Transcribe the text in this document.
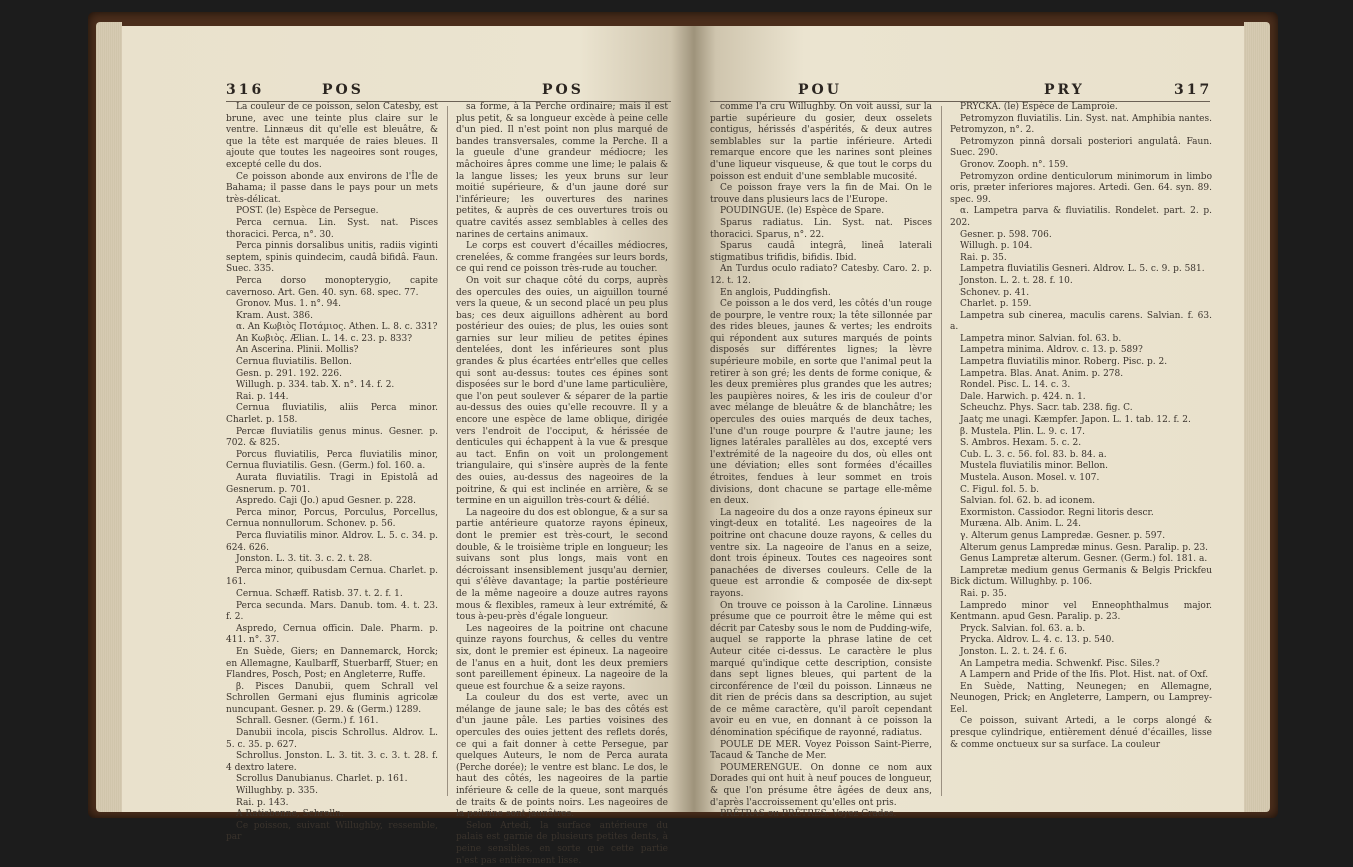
316	POS	POS

La couleur de ce poisson, selon Catesby, est brune, avec une teinte plus claire sur le ventre. Linnæus dit qu'elle est bleuâtre, & que la tête est marquée de raies bleues. Il ajoute que toutes les nageoires sont rouges, excepté celle du dos.

Ce poisson abonde aux environs de l'Île de Bahama; il passe dans le pays pour un mets très-délicat.

POST. (le) Espèce de Persegue.

Perca cernua. Lin. Syst. nat. Pisces thoracici. Perca, n°. 30.

Perca pinnis dorsalibus unitis, radiis viginti septem, spinis quindecim, caudâ bifidâ. Faun. Suec. 335.

Perca dorso monopterygio, capite cavernoso. Art. Gen. 40. syn. 68. spec. 77.

Gronov. Mus. 1. n°. 94.

Kram. Aust. 386.

α. An Κωβιὸς Ποτάμιος. Athen. L. 8. c. 331?

An Κωβιὸς. Ælian. L. 14. c. 23. p. 833?

An Ascerina. Plinii. Mollis?

Cernua fluviatilis. Bellon.

Gesn. p. 291. 192. 226.

Willugh. p. 334. tab. X. n°. 14. f. 2.

Rai. p. 144.

Cernua fluviatilis, aliis Perca minor. Charlet. p. 158.

Percæ fluviatilis genus minus. Gesner. p. 702. & 825.

Porcus fluviatilis, Perca fluviatilis minor, Cernua fluviatilis. Gesn. (Germ.) fol. 160. a.

Aurata fluviatilis. Tragi in Epistolâ ad Gesnerum. p. 701.

Aspredo. Caji (Jo.) apud Gesner. p. 228.

Perca minor, Porcus, Porculus, Porcellus, Cernua nonnullorum. Schonev. p. 56.

Perca fluviatilis minor. Aldrov. L. 5. c. 34. p. 624. 626.

Jonston. L. 3. tit. 3. c. 2. t. 28.

Perca minor, quibusdam Cernua. Charlet. p. 161.

Cernua. Schæff. Ratisb. 37. t. 2. f. 1.

Perca secunda. Mars. Danub. tom. 4. t. 23. f. 2.

Aspredo, Cernua officin. Dale. Pharm. p. 411. n°. 37.

En Suède, Giers; en Dannemarck, Horck; en Allemagne, Kaulbarff, Stuerbarff, Stuer; en Flandres, Posch, Post; en Angleterre, Ruffe.

β. Pisces Danubii, quem Schrall vel Schrollen Germani ejus fluminis agricolæ nuncupant. Gesner. p. 29. & (Germ.) 1289.

Schrall. Gesner. (Germ.) f. 161.

Danubii incola, piscis Schrollus. Aldrov. L. 5. c. 35. p. 627.

Schrollus. Jonston. L. 3. tit. 3. c. 3. t. 28. f. 4 dextro latere.

Scrollus Danubianus. Charlet. p. 161.

Willughby. p. 335.

Rai. p. 143.

A Ratisbonne, Schrolln.

Ce poisson, suivant Willughby, ressemble, par

sa forme, à la Perche ordinaire; mais il est plus petit, & sa longueur excède à peine celle d'un pied. Il n'est point non plus marqué de bandes transversales, comme la Perche. Il a la gueule d'une grandeur médiocre; les mâchoires âpres comme une lime; le palais & la langue lisses; les yeux bruns sur leur moitié supérieure, & d'un jaune doré sur l'inférieure; les ouvertures des narines petites, & auprès de ces ouvertures trois ou quatre cavités assez semblables à celles des narines de certains animaux.

Le corps est couvert d'écailles médiocres, crenelées, & comme frangées sur leurs bords, ce qui rend ce poisson très-rude au toucher.

On voit sur chaque côté du corps, auprès des opercules des ouies, un aiguillon tourné vers la queue, & un second placé un peu plus bas; ces deux aiguillons adhèrent au bord postérieur des ouies; de plus, les ouies sont garnies sur leur milieu de petites épines dentelées, dont les inférieures sont plus grandes & plus écartées entr'elles que celles qui sont au-dessus: toutes ces épines sont disposées sur le bord d'une lame particulière, que l'on peut soulever & séparer de la partie au-dessus des ouies qu'elle recouvre. Il y a encore une espèce de lame oblique, dirigée vers l'endroit de l'occiput, & hérissée de denticules qui échappent à la vue & presque au tact. Enfin on voit un prolongement triangulaire, qui s'insère auprès de la fente des ouies, au-dessus des nageoires de la poitrine, & qui est inclinée en arrière, & se termine en un aiguillon très-court & délié.

La nageoire du dos est oblongue, & a sur sa partie antérieure quatorze rayons épineux, dont le premier est très-court, le second double, & le troisième triple en longueur; les suivans sont plus longs, mais vont en décroissant insensiblement jusqu'au dernier, qui s'élève davantage; la partie postérieure de la même nageoire a douze autres rayons mous & flexibles, rameux à leur extrémité, & tous à-peu-près d'égale longueur.

Les nageoires de la poitrine ont chacune quinze rayons fourchus, & celles du ventre six, dont le premier est épineux. La nageoire de l'anus en a huit, dont les deux premiers sont pareillement épineux. La nageoire de la queue est fourchue & a seize rayons.

La couleur du dos est verte, avec un mélange de jaune sale; le bas des côtés est d'un jaune pâle. Les parties voisines des opercules des ouies jettent des reflets dorés, ce qui a fait donner à cette Persegue, par quelques Auteurs, le nom de Perca aurata (Perche dorée); le ventre est blanc. Le dos, le haut des côtés, les nageoires de la partie inférieure & celle de la queue, sont marqués de traits & de points noirs. Les nageoires de la poitrine sont jaunâtres.

Selon Artedi, la surface antérieure du palais est garnie de plusieurs petites dents, à peine sensibles, en sorte que cette partie n'est pas entièrement lisse.

POU	PRY	317

comme l'a cru Willughby. On voit aussi, sur la partie supérieure du gosier, deux osselets contigus, hérissés d'aspérités, & deux autres semblables sur la partie inférieure. Artedi remarque encore que les narines sont pleines d'une liqueur visqueuse, & que tout le corps du poisson est enduit d'une semblable mucosité.

Ce poisson fraye vers la fin de Mai. On le trouve dans plusieurs lacs de l'Europe.

POUDINGUE. (le) Espèce de Spare.

Sparus radiatus. Lin. Syst. nat. Pisces thoracici. Sparus, n°. 22.

Sparus caudâ integrâ, lineâ laterali stigmatibus trifidis, bifidis. Ibid.

An Turdus oculo radiato? Catesby. Caro. 2. p. 12. t. 12.

En anglois, Puddingfish.

Ce poisson a le dos verd, les côtés d'un rouge de pourpre, le ventre roux; la tête sillonnée par des rides bleues, jaunes & vertes; les endroits qui répondent aux sutures marqués de points disposés sur différentes lignes; la lèvre supérieure mobile, en sorte que l'animal peut la retirer à son gré; les dents de forme conique, & les deux premières plus grandes que les autres; les paupières noires, & les iris de couleur d'or avec mélange de bleuâtre & de blanchâtre; les opercules des ouies marqués de deux taches, l'une d'un rouge pourpre & l'autre jaune; les lignes latérales parallèles au dos, excepté vers l'extrémité de la nageoire du dos, où elles ont une déviation; elles sont formées d'écailles étroites, fendues à leur sommet en trois divisions, dont chacune se partage elle-même en deux.

La nageoire du dos a onze rayons épineux sur vingt-deux en totalité. Les nageoires de la poitrine ont chacune douze rayons, & celles du ventre six. La nageoire de l'anus en a seize, dont trois épineux. Toutes ces nageoires sont panachées de diverses couleurs. Celle de la queue est arrondie & composée de dix-sept rayons.

On trouve ce poisson à la Caroline. Linnæus présume que ce pourroit être le même qui est décrit par Catesby sous le nom de Pudding-wife, auquel se rapporte la phrase latine de cet Auteur citée ci-dessus. Le caractère le plus marqué qu'indique cette description, consiste dans sept lignes bleues, qui partent de la circonférence de l'œil du poisson. Linnæus ne dit rien de précis dans sa description, au sujet de ce même caractère, qu'il paroît cependant avoir eu en vue, en donnant à ce poisson la dénomination spécifique de rayonné, radiatus.

POULE DE MER. Voyez Poisson Saint-Pierre, Tacaud & Tanche de Mer.

POUMERENGUE. On donne ce nom aux Dorades qui ont huit à neuf pouces de longueur, & que l'on présume être âgées de deux ans, d'après l'accroissement qu'elles ont pris.

PRÊTRAS ou PRÊTRES. Voyez Crados.

PRYCKA. (le) Espèce de Lamproie.

Petromyzon fluviatilis. Lin. Syst. nat. Amphibia nantes. Petromyzon, n°. 2.

Petromyzon pinnâ dorsali posteriori angulatâ. Faun. Suec. 290.

Gronov. Zooph. n°. 159.

Petromyzon ordine denticulorum minimorum in limbo oris, præter inferiores majores. Artedi. Gen. 64. syn. 89. spec. 99.

α. Lampetra parva & fluviatilis. Rondelet. part. 2. p. 202.

Gesner. p. 598. 706.

Willugh. p. 104.

Rai. p. 35.

Lampetra fluviatilis Gesneri. Aldrov. L. 5. c. 9. p. 581.

Jonston. L. 2. t. 28. f. 10.

Schonev. p. 41.

Charlet. p. 159.

Lampetra sub cinerea, maculis carens. Salvian. f. 63. a.

Lampetra minor. Salvian. fol. 63. b.

Lampetra minima. Aldrov. c. 13. p. 589?

Lampetra fluviatilis minor. Roberg. Pisc. p. 2.

Lampetra. Blas. Anat. Anim. p. 278.

Rondel. Pisc. L. 14. c. 3.

Dale. Harwich. p. 424. n. 1.

Scheuchz. Phys. Sacr. tab. 238. fig. C.

Jaatç me unagi. Kæmpfer. Japon. L. 1. tab. 12. f. 2.

β. Mustela. Plin. L. 9. c. 17.

S. Ambros. Hexam. 5. c. 2.

Cub. L. 3. c. 56. fol. 83. b. 84. a.

Mustela fluviatilis minor. Bellon.

Mustela. Auson. Mosel. v. 107.

C. Figul. fol. 5. b.

Salvian. fol. 62. b. ad iconem.

Exormiston. Cassiodor. Regni litoris descr.

Muræna. Alb. Anim. L. 24.

γ. Alterum genus Lampredæ. Gesner. p. 597.

Alterum genus Lampredæ minus. Gesn. Paralip. p. 23.

Genus Lampretæ alterum. Gesner. (Germ.) fol. 181. a.

Lampretæ medium genus Germanis & Belgis Prickfeu Bick dictum. Willughby. p. 106.

Rai. p. 35.

Lampredo minor vel Enneophthalmus major. Kentmann. apud Gesn. Paralip. p. 23.

Pryck. Salvian. fol. 63. a. b.

Prycka. Aldrov. L. 4. c. 13. p. 540.

Jonston. L. 2. t. 24. f. 6.

An Lampetra media. Schwenkf. Pisc. Siles.?

A Lampern and Pride of the Ifis. Plot. Hist. nat. of Oxf.

En Suède, Natting, Neunegen; en Allemagne, Neunogen, Prick; en Angleterre, Lampern, ou Lamprey-Eel.

Ce poisson, suivant Artedi, a le corps alongé & presque cylindrique, entièrement dénué d'écailles, lisse & comme onctueux sur sa surface. La couleur
